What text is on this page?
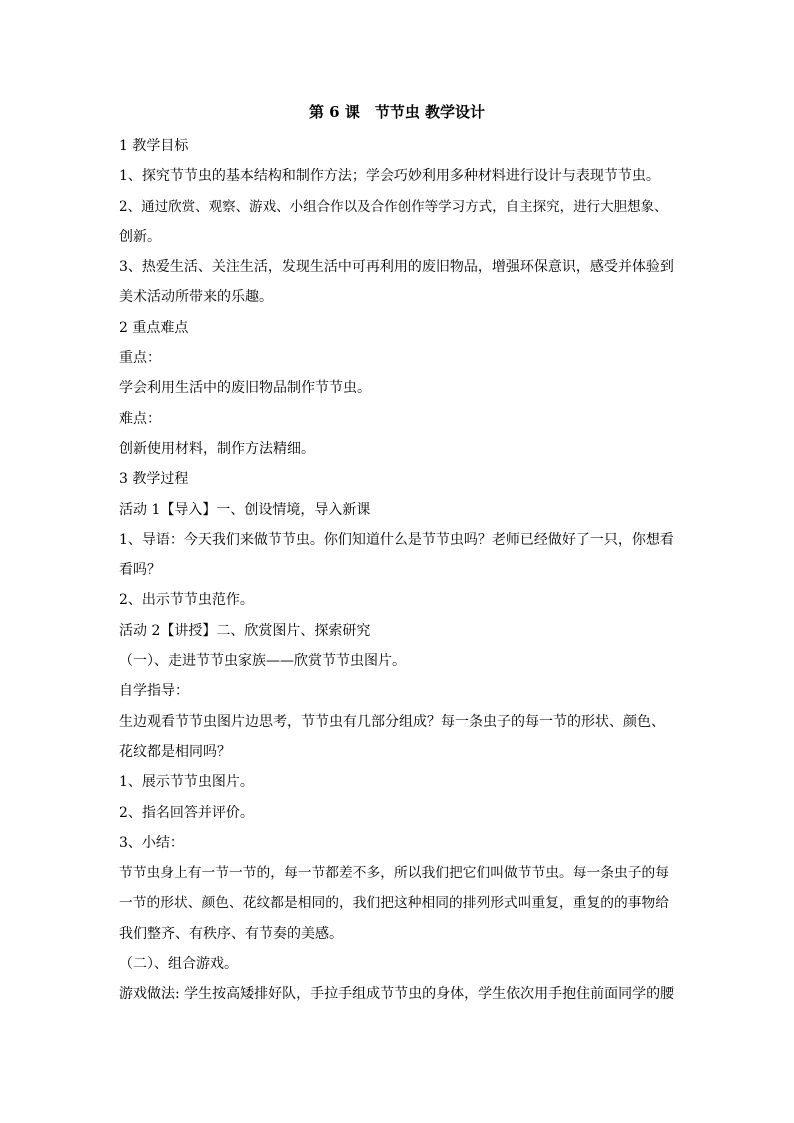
第 6 课　节节虫 教学设计
1 教学目标
1、探究节节虫的基本结构和制作方法；学会巧妙利用多种材料进行设计与表现节节虫。
2、通过欣赏、观察、游戏、小组合作以及合作创作等学习方式，自主探究，进行大胆想象、
创新。
3、热爱生活、关注生活，发现生活中可再利用的废旧物品，增强环保意识，感受并体验到
美术活动所带来的乐趣。
2 重点难点
重点：
学会利用生活中的废旧物品制作节节虫。
难点：
创新使用材料，制作方法精细。
3 教学过程
活动 1【导入】一、创设情境，导入新课
1、导语：今天我们来做节节虫。你们知道什么是节节虫吗？老师已经做好了一只，你想看
看吗？
2、出示节节虫范作。
活动 2【讲授】二、欣赏图片、探索研究
（一）、走进节节虫家族——欣赏节节虫图片。
自学指导：
生边观看节节虫图片边思考，节节虫有几部分组成？每一条虫子的每一节的形状、颜色、
花纹都是相同吗？
1、展示节节虫图片。
2、指名回答并评价。
3、小结：
节节虫身上有一节一节的，每一节都差不多，所以我们把它们叫做节节虫。每一条虫子的每
一节的形状、颜色、花纹都是相同的，我们把这种相同的排列形式叫重复，重复的的事物给
我们整齐、有秩序、有节奏的美感。
（二）、组合游戏。
游戏做法: 学生按高矮排好队，手拉手组成节节虫的身体，学生依次用手抱住前面同学的腰
